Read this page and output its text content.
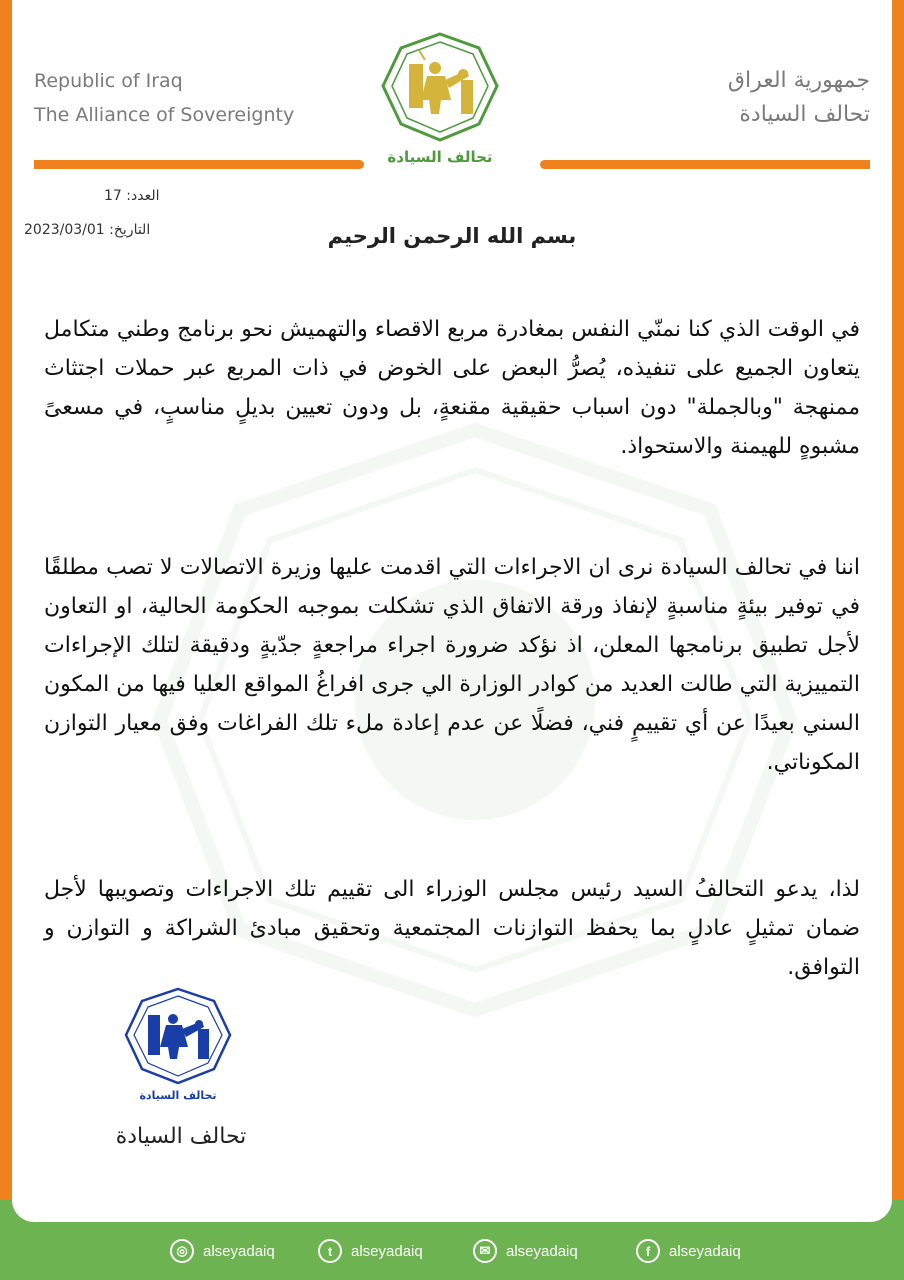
Republic of Iraq
The Alliance of Sovereignty
جمهورية العراق
تحالف السيادة
تحالف السيادة
العدد: 17
التاريخ: 2023/03/01	بسم الله الرحمن الرحيم
في الوقت الذي كنا نمنّي النفس بمغادرة مربع الاقصاء والتهميش نحو برنامج وطني متكامل يتعاون الجميع على تنفيذه، يُصرُّ البعض على الخوض في ذات المربع عبر حملات اجتثاث ممنهجة "وبالجملة" دون اسباب حقيقية مقنعةٍ، بل ودون تعيين بديلٍ مناسبٍ، في مسعىً مشبوهٍ للهيمنة والاستحواذ.
اننا في تحالف السيادة نرى ان الاجراءات التي اقدمت عليها وزيرة الاتصالات لا تصب مطلقًا في توفير بيئةٍ مناسبةٍ لإنفاذ ورقة الاتفاق الذي تشكلت بموجبه الحكومة الحالية، او التعاون لأجل تطبيق برنامجها المعلن، اذ نؤكد ضرورة اجراء مراجعةٍ جدّيةٍ ودقيقة لتلك الإجراءات التمييزية التي طالت العديد من كوادر الوزارة الي جرى افراغُ المواقع العليا فيها من المكون السني بعيدًا عن أي تقييمٍ فني، فضلًا عن عدم إعادة ملء تلك الفراغات وفق معيار التوازن المكوناتي.
لذا، يدعو التحالفُ السيد رئيس مجلس الوزراء الى تقييم تلك الاجراءات وتصويبها لأجل ضمان تمثيلٍ عادلٍ بما يحفظ التوازنات المجتمعية وتحقيق مبادئ الشراكة و التوازن و التوافق.
تحالف السيادة
تحالف السيادة
◎	alseyadaiq	t	alseyadaiq	✉	alseyadaiq	f	alseyadaiq
